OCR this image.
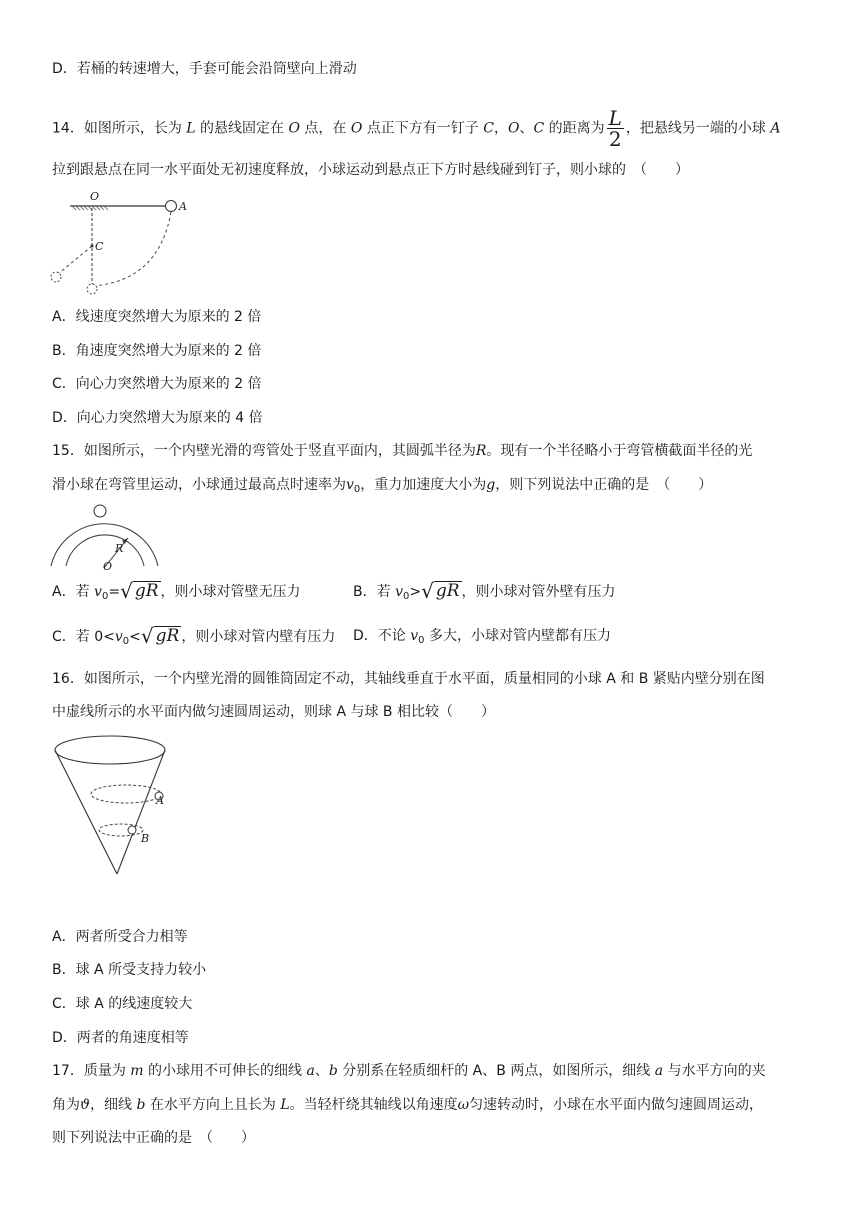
D．若桶的转速增大，手套可能会沿筒壁向上滑动
14．如图所示，长为 L 的悬线固定在 O 点，在 O 点正下方有一钉子 C，O、C 的距离为 $\frac{L}{2}$ ，把悬线另一端的小球 A
拉到跟悬点在同一水平面处无初速度释放，小球运动到悬点正下方时悬线碰到钉子，则小球的　（　　）
O
A
C
A．线速度突然增大为原来的 2 倍
B．角速度突然增大为原来的 2 倍
C．向心力突然增大为原来的 2 倍
D．向心力突然增大为原来的 4 倍
15．如图所示，一个内壁光滑的弯管处于竖直平面内，其圆弧半径为R。现有一个半径略小于弯管横截面半径的光
滑小球在弯管里运动，小球通过最高点时速率为$v_0$，重力加速度大小为g，则下列说法中正确的是　（　　）
R
O
A．若 $v_0=√$ gR ，则小球对管壁无压力	B．若 $v_0>√$ gR ，则小球对管外壁有压力
C．若 $0<v_0<√$ gR ，则小球对管内壁有压力 D．不论 $v_0$ 多大，小球对管内壁都有压力
16．如图所示，一个内壁光滑的圆锥筒固定不动，其轴线垂直于水平面，质量相同的小球 A 和 B 紧贴内壁分别在图
中虚线所示的水平面内做匀速圆周运动，则球 A 与球 B 相比较（　　）
A
B
A．两者所受合力相等
B．球 A 所受支持力较小
C．球 A 的线速度较大
D．两者的角速度相等
17．质量为 m 的小球用不可伸长的细线 a、b 分别系在轻质细杆的 A、B 两点，如图所示，细线 a 与水平方向的夹
角为ϑ，细线 b 在水平方向上且长为 L。当轻杆绕其轴线以角速度ω匀速转动时，小球在水平面内做匀速圆周运动，
则下列说法中正确的是　（　　）
